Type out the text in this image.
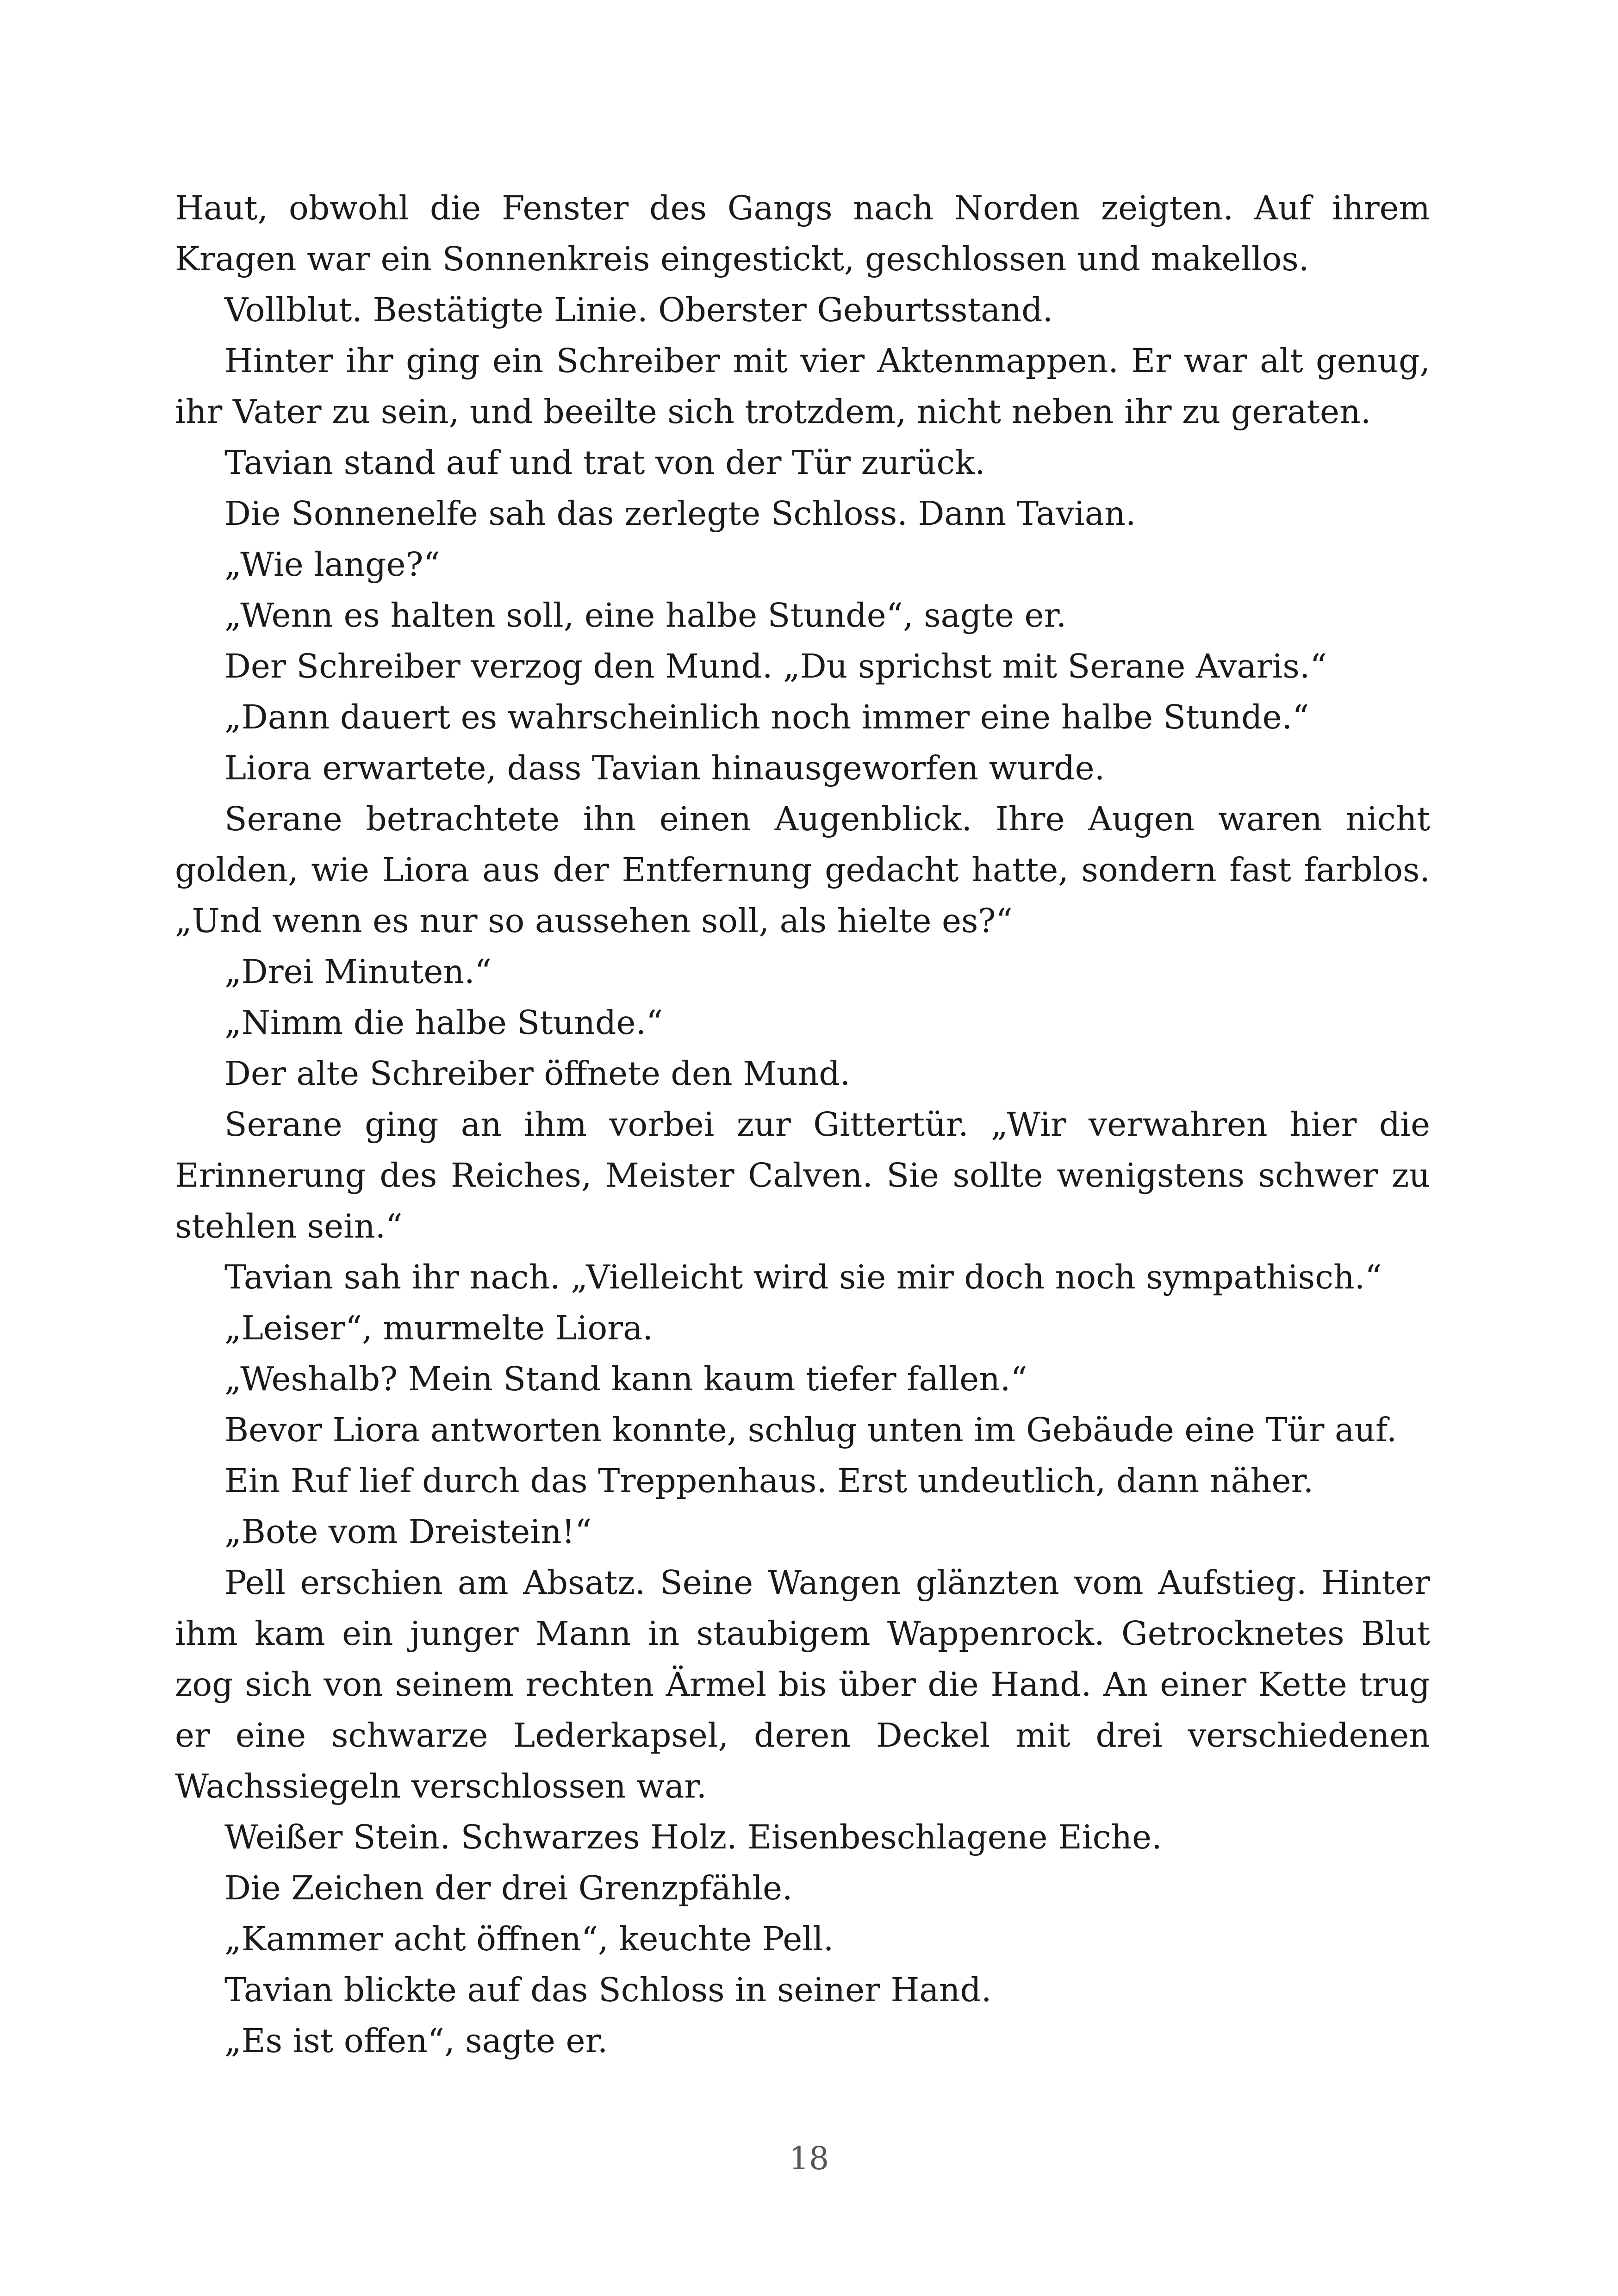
Haut, obwohl die Fenster des Gangs nach Norden zeigten. Auf ihrem Kragen war ein Sonnenkreis eingestickt, geschlossen und makellos.

Vollblut. Bestätigte Linie. Oberster Geburtsstand.

Hinter ihr ging ein Schreiber mit vier Aktenmappen. Er war alt genug, ihr Vater zu sein, und beeilte sich trotzdem, nicht neben ihr zu geraten.

Tavian stand auf und trat von der Tür zurück.

Die Sonnenelfe sah das zerlegte Schloss. Dann Tavian.

„Wie lange?“

„Wenn es halten soll, eine halbe Stunde“, sagte er.

Der Schreiber verzog den Mund. „Du sprichst mit Serane Avaris.“

„Dann dauert es wahrscheinlich noch immer eine halbe Stunde.“

Liora erwartete, dass Tavian hinausgeworfen wurde.

Serane betrachtete ihn einen Augenblick. Ihre Augen waren nicht golden, wie Liora aus der Entfernung gedacht hatte, sondern fast farblos. „Und wenn es nur so aussehen soll, als hielte es?“

„Drei Minuten.“

„Nimm die halbe Stunde.“

Der alte Schreiber öffnete den Mund.

Serane ging an ihm vorbei zur Gittertür. „Wir verwahren hier die Erinnerung des Reiches, Meister Calven. Sie sollte wenigstens schwer zu stehlen sein.“

Tavian sah ihr nach. „Vielleicht wird sie mir doch noch sympathisch.“

„Leiser“, murmelte Liora.

„Weshalb? Mein Stand kann kaum tiefer fallen.“

Bevor Liora antworten konnte, schlug unten im Gebäude eine Tür auf.

Ein Ruf lief durch das Treppenhaus. Erst undeutlich, dann näher.

„Bote vom Dreistein!“

Pell erschien am Absatz. Seine Wangen glänzten vom Aufstieg. Hinter ihm kam ein junger Mann in staubigem Wappenrock. Getrocknetes Blut zog sich von seinem rechten Ärmel bis über die Hand. An einer Kette trug er eine schwarze Lederkapsel, deren Deckel mit drei verschiedenen Wachssiegeln verschlossen war.

Weißer Stein. Schwarzes Holz. Eisenbeschlagene Eiche.

Die Zeichen der drei Grenzpfähle.

„Kammer acht öffnen“, keuchte Pell.

Tavian blickte auf das Schloss in seiner Hand.

„Es ist offen“, sagte er.

18
